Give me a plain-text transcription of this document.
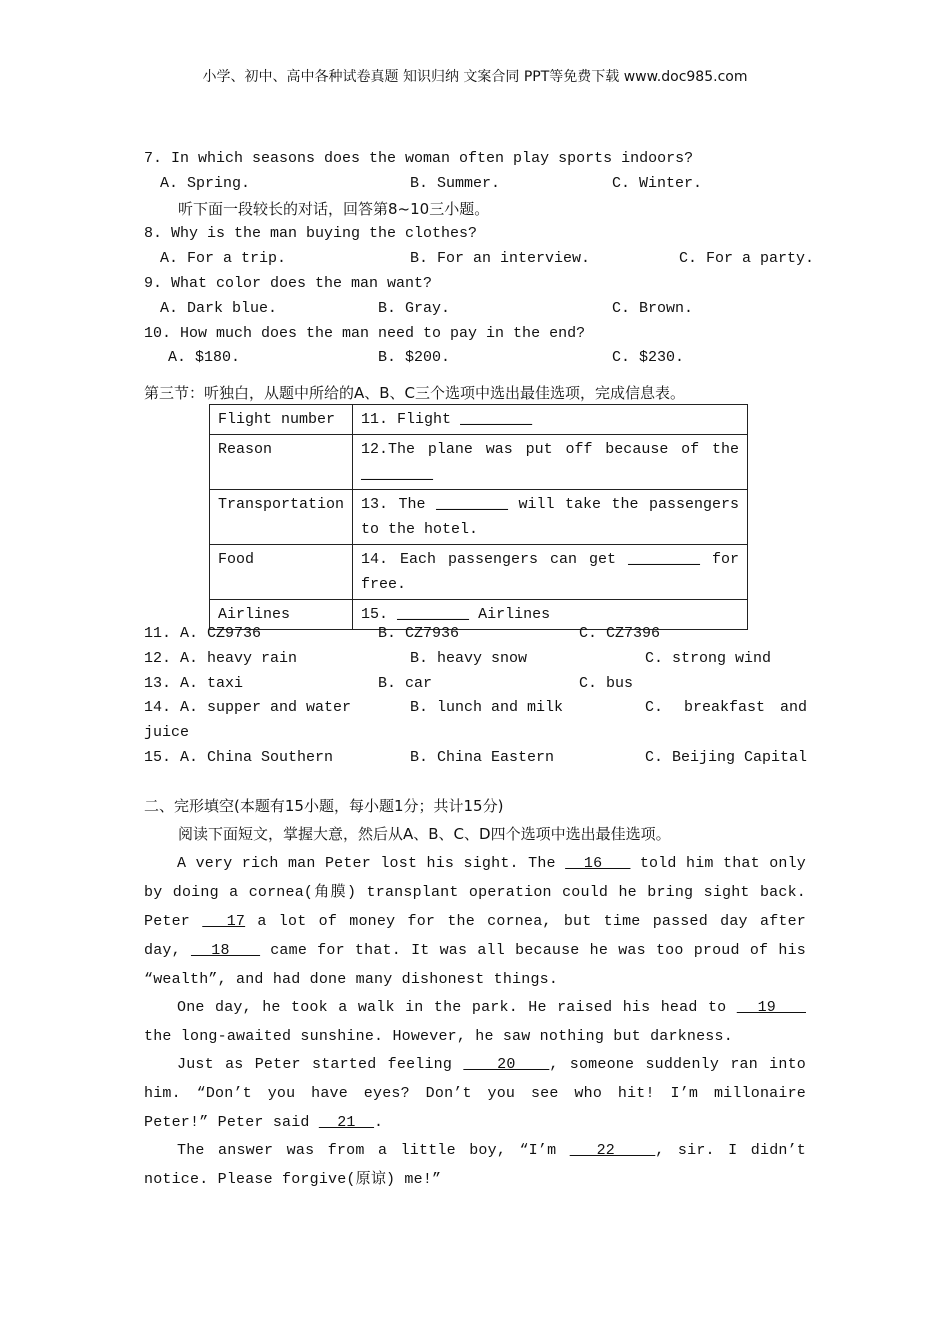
小学、初中、高中各种试卷真题 知识归纳 文案合同 PPT等免费下载 www.doc985.com
7. In which seasons does the woman often play sports indoors?
A. Spring.	B. Summer.	C. Winter.
听下面一段较长的对话，回答第8~10三小题。
8. Why is the man buying the clothes?
A. For a trip.	B. For an interview.	C. For a party.
9. What color does the man want?
A. Dark blue.	B. Gray.	C. Brown.
10. How much does the man need to pay in the end?
A. $180.	B. $200.	C. $230.
第三节：听独白，从题中所给的A、B、C三个选项中选出最佳选项，完成信息表。
Flight number	11. Flight ________
Reason	12.The plane was put off because of the ________
Transportation	13. The ________ will take the passengers to the hotel.
Food	14. Each passengers can get ________ for free.
Airlines	15. ________ Airlines
11. A. CZ9736	B. CZ7936	C. CZ7396
12. A. heavy rain	B. heavy snow	C. strong wind
13. A. taxi	B. car	C. bus
14. A. supper and water	B. lunch and milk	C. breakfast and
juice
15. A. China Southern	B. China Eastern	C. Beijing Capital
二、完形填空(本题有15小题，每小题1分；共计15分)
阅读下面短文，掌握大意，然后从A、B、C、D四个选项中选出最佳选项。
A very rich man Peter lost his sight. The   16    told him that only by doing a cornea(角膜) transplant operation could he bring sight back. Peter   17 a lot of money for the cornea, but time passed day after day,   18    came for that. It was all because he was too proud of his “wealth”, and had done many dishonest things.
One day, he took a walk in the park. He raised his head to   19    the long-awaited sunshine. However, he saw nothing but darkness.
Just as Peter started feeling    20   , someone suddenly ran into him. “Don’t you have eyes? Don’t you see who hit! I’m millonaire Peter!” Peter said   21  .
The answer was from a little boy, “I’m   22   , sir. I didn’t notice. Please forgive(原谅) me!”
